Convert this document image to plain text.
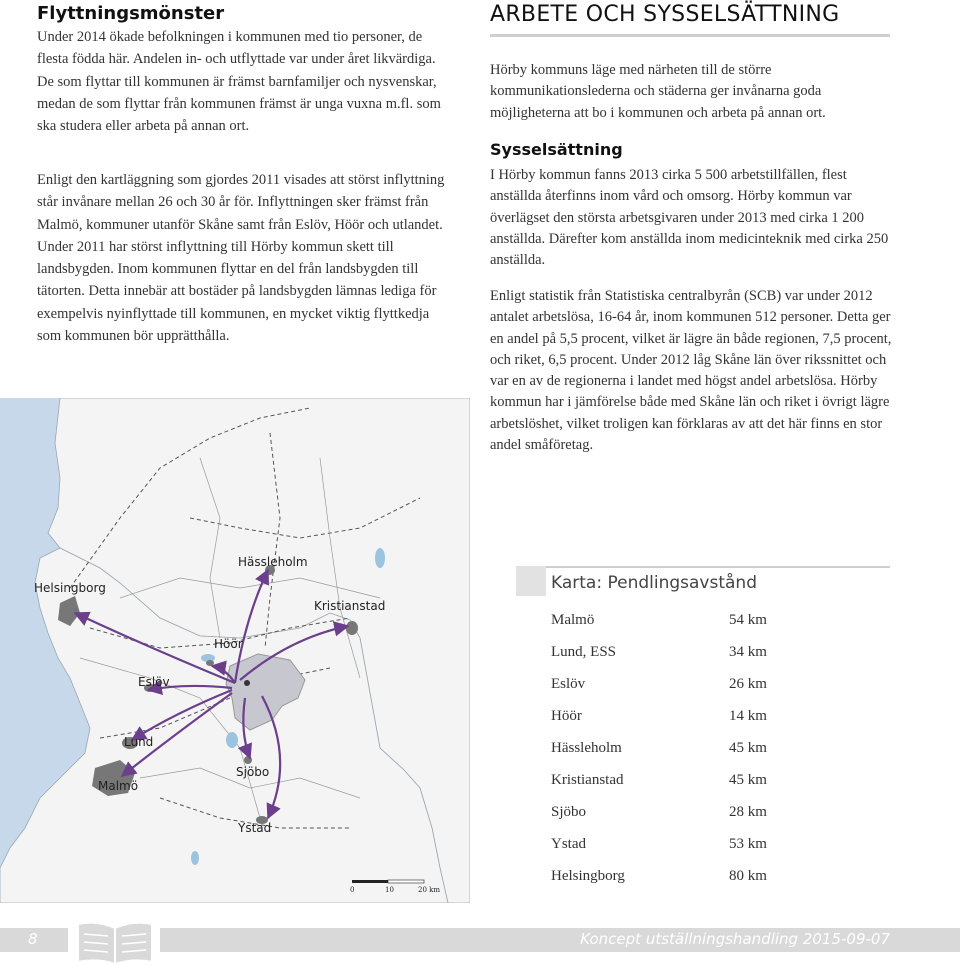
Flyttningsmönster

Under 2014 ökade befolkningen i kommunen med tio personer, de flesta födda här. Andelen in- och utflyttade var under året likvärdiga. De som flyttar till kommunen är främst barnfamiljer och nysvenskar, medan de som flyttar från kommunen främst är unga vuxna m.fl. som ska studera eller arbeta på annan ort.

Enligt den kartläggning som gjordes 2011 visades att störst inflyttning står invånare mellan 26 och 30 år för. Inflyttningen sker främst från Malmö, kommuner utanför Skåne samt från Eslöv, Höör och utlandet. Under 2011 har störst inflyttning till Hörby kommun skett till landsbygden. Inom kommunen flyttar en del från landsbygden till tätorten. Detta innebär att bostäder på landsbygden lämnas lediga för exempelvis nyinflyttade till kommunen, en mycket viktig flyttkedja som kommunen bör upprätthålla.

ARBETE OCH SYSSELSÄTTNING

Hörby kommuns läge med närheten till de större kommunikationslederna och städerna ger invånarna goda möjligheterna att bo i kommunen och arbeta på annan ort.

Sysselsättning

I Hörby kommun fanns 2013 cirka 5 500 arbetstillfällen, flest anställda återfinns inom vård och omsorg. Hörby kommun var överlägset den största arbetsgivaren under 2013 med cirka 1 200 anställda. Därefter kom anställda inom medicinteknik med cirka 250 anställda.

Enligt statistik från Statistiska centralbyrån (SCB) var under 2012 antalet arbetslösa, 16-64 år, inom kommunen 512 personer. Detta ger en andel på 5,5 procent, vilket är lägre än både regionen, 7,5 procent, och riket, 6,5 procent. Under 2012 låg Skåne län över rikssnittet och var en av de regionerna i landet med högst andel arbetslösa. Hörby kommun har i jämförelse både med Skåne län och riket i övrigt lägre arbetslöshet, vilket troligen kan förklaras av att det här finns en stor andel småföretag.

Hässleholm
Helsingborg
Kristianstad
Höör
Eslöv
Lund
Malmö
Sjöbo
Ystad
0	10	20 km
Karta: Pendlingsavstånd
Malmö	54 km
Lund, ESS	34 km
Eslöv	26 km
Höör	14 km
Hässleholm	45 km
Kristianstad	45 km
Sjöbo	28 km
Ystad	53 km
Helsingborg	80 km
8	Koncept utställningshandling 2015-09-07
